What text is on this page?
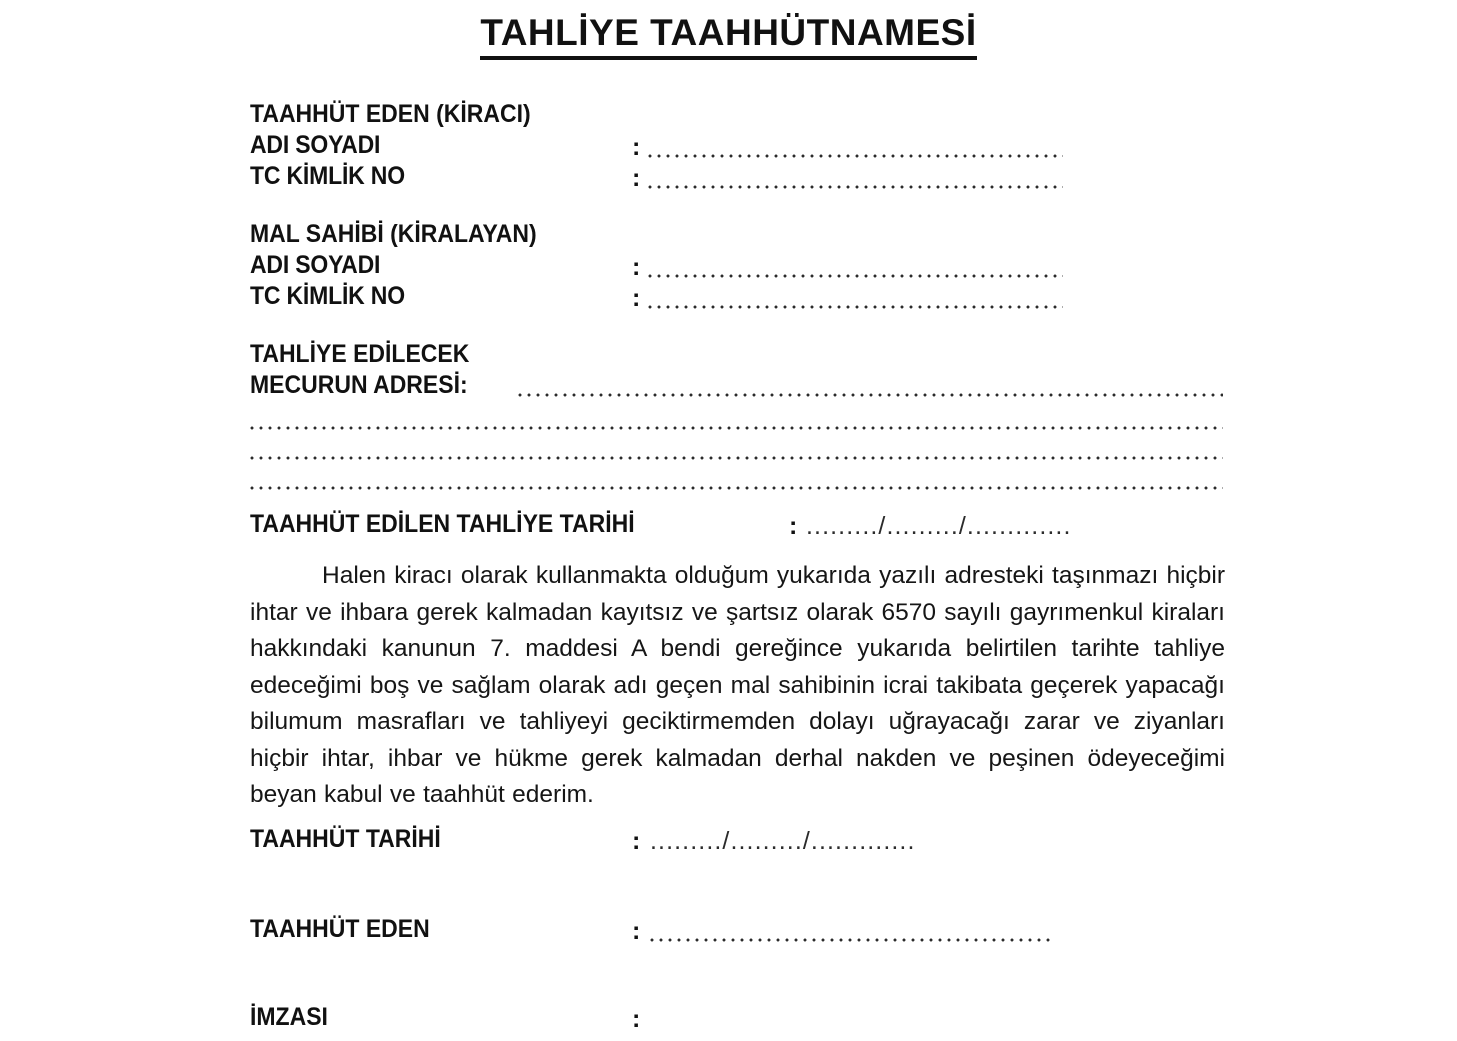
TAHLİYE TAAHHÜTNAMESİ
TAAHHÜT EDEN (KİRACI)
ADI SOYADI	:
TC KİMLİK NO	:
MAL SAHİBİ (KİRALAYAN)
ADI SOYADI	:
TC KİMLİK NO	:
TAHLİYE EDİLECEK
MECURUN ADRESİ:
TAAHHÜT EDİLEN TAHLİYE TARİHİ	: ........./........./.............
Halen kiracı olarak kullanmakta olduğum yukarıda yazılı adresteki taşınmazı hiçbir ihtar ve ihbara gerek kalmadan kayıtsız ve şartsız olarak 6570 sayılı gayrımenkul kiraları hakkındaki kanunun 7. maddesi A bendi gereğince yukarıda belirtilen tarihte tahliye edeceğimi boş ve sağlam olarak adı geçen mal sahibinin icrai takibata geçerek yapacağı bilumum masrafları ve tahliyeyi geciktirmemden dolayı uğrayacağı zarar ve ziyanları hiçbir ihtar, ihbar ve hükme gerek kalmadan derhal nakden ve peşinen ödeyeceğimi beyan kabul ve taahhüt ederim.
TAAHHÜT TARİHİ	: ........./........./.............
TAAHHÜT EDEN	:
İMZASI	:
